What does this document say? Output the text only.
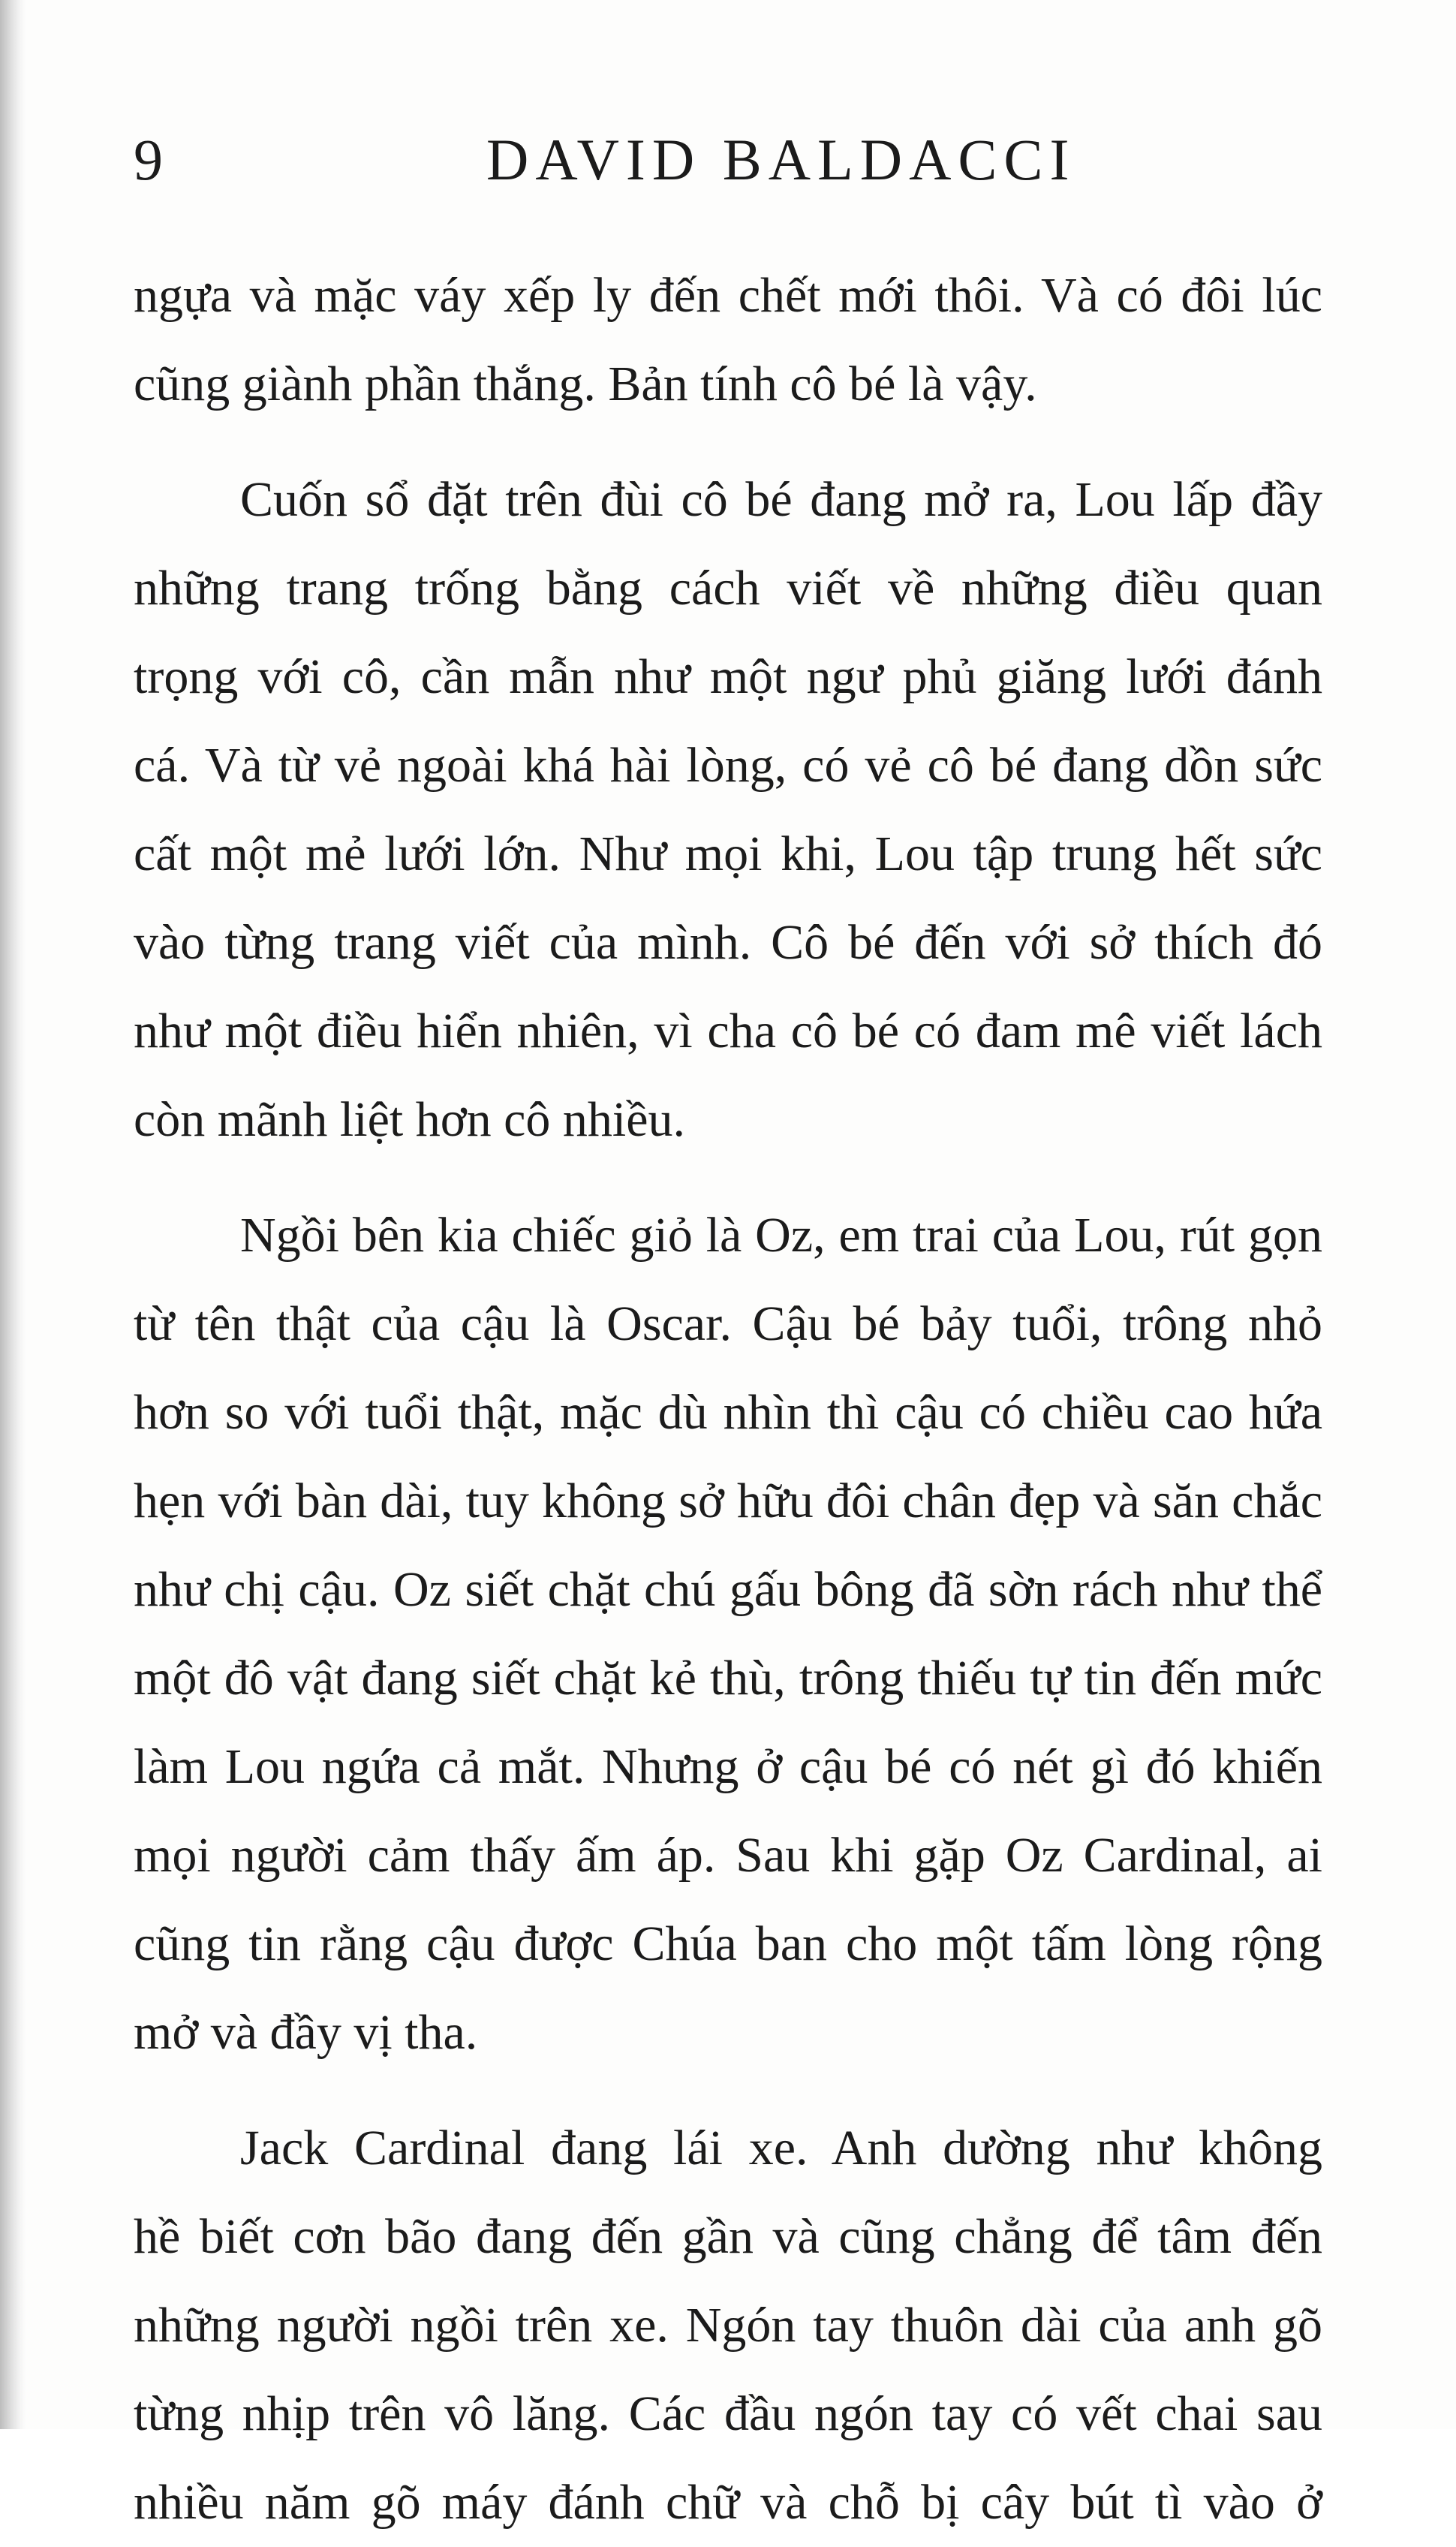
9	DAVID BALDACCI
ngựa và mặc váy xếp ly đến chết mới thôi. Và có đôi lúc
cũng giành phần thắng. Bản tính cô bé là vậy.
Cuốn sổ đặt trên đùi cô bé đang mở ra, Lou lấp đầy
những trang trống bằng cách viết về những điều quan
trọng với cô, cần mẫn như một ngư phủ giăng lưới đánh
cá. Và từ vẻ ngoài khá hài lòng, có vẻ cô bé đang dồn sức
cất một mẻ lưới lớn. Như mọi khi, Lou tập trung hết sức
vào từng trang viết của mình. Cô bé đến với sở thích đó
như một điều hiển nhiên, vì cha cô bé có đam mê viết lách
còn mãnh liệt hơn cô nhiều.
Ngồi bên kia chiếc giỏ là Oz, em trai của Lou, rút gọn
từ tên thật của cậu là Oscar. Cậu bé bảy tuổi, trông nhỏ
hơn so với tuổi thật, mặc dù nhìn thì cậu có chiều cao hứa
hẹn với bàn dài, tuy không sở hữu đôi chân đẹp và săn chắc
như chị cậu. Oz siết chặt chú gấu bông đã sờn rách như thể
một đô vật đang siết chặt kẻ thù, trông thiếu tự tin đến mức
làm Lou ngứa cả mắt. Nhưng ở cậu bé có nét gì đó khiến
mọi người cảm thấy ấm áp. Sau khi gặp Oz Cardinal, ai
cũng tin rằng cậu được Chúa ban cho một tấm lòng rộng
mở và đầy vị tha.
Jack Cardinal đang lái xe. Anh dường như không
hề biết cơn bão đang đến gần và cũng chẳng để tâm đến
những người ngồi trên xe. Ngón tay thuôn dài của anh gõ
từng nhịp trên vô lăng. Các đầu ngón tay có vết chai sau
nhiều năm gõ máy đánh chữ và chỗ bị cây bút tì vào ở
